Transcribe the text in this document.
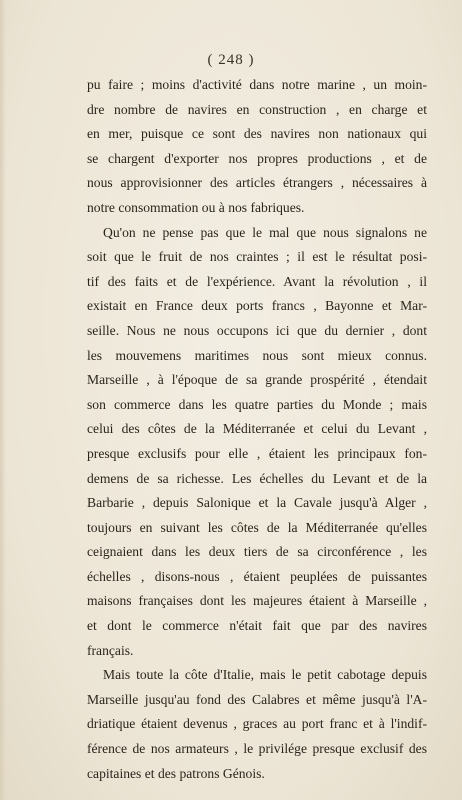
( 248 )
pu faire ; moins d'activité dans notre marine , un moin-
dre nombre de navires en construction , en charge et
en mer, puisque ce sont des navires non nationaux qui
se chargent d'exporter nos propres productions , et de
nous approvisionner des articles étrangers , nécessaires à
notre consommation ou à nos fabriques.
Qu'on ne pense pas que le mal que nous signalons ne
soit que le fruit de nos craintes ; il est le résultat posi-
tif des faits et de l'expérience. Avant la révolution , il
existait en France deux ports francs , Bayonne et Mar-
seille. Nous ne nous occupons ici que du dernier , dont
les mouvemens maritimes nous sont mieux connus.
Marseille , à l'époque de sa grande prospérité , étendait
son commerce dans les quatre parties du Monde ; mais
celui des côtes de la Méditerranée et celui du Levant ,
presque exclusifs pour elle , étaient les principaux fon-
demens de sa richesse. Les échelles du Levant et de la
Barbarie , depuis Salonique et la Cavale jusqu'à Alger ,
toujours en suivant les côtes de la Méditerranée qu'elles
ceignaient dans les deux tiers de sa circonférence , les
échelles , disons-nous , étaient peuplées de puissantes
maisons françaises dont les majeures étaient à Marseille ,
et dont le commerce n'était fait que par des navires
français.
Mais toute la côte d'Italie, mais le petit cabotage depuis
Marseille jusqu'au fond des Calabres et même jusqu'à l'A-
driatique étaient devenus , graces au port franc et à l'indif-
férence de nos armateurs , le privilége presque exclusif des
capitaines et des patrons Génois.
